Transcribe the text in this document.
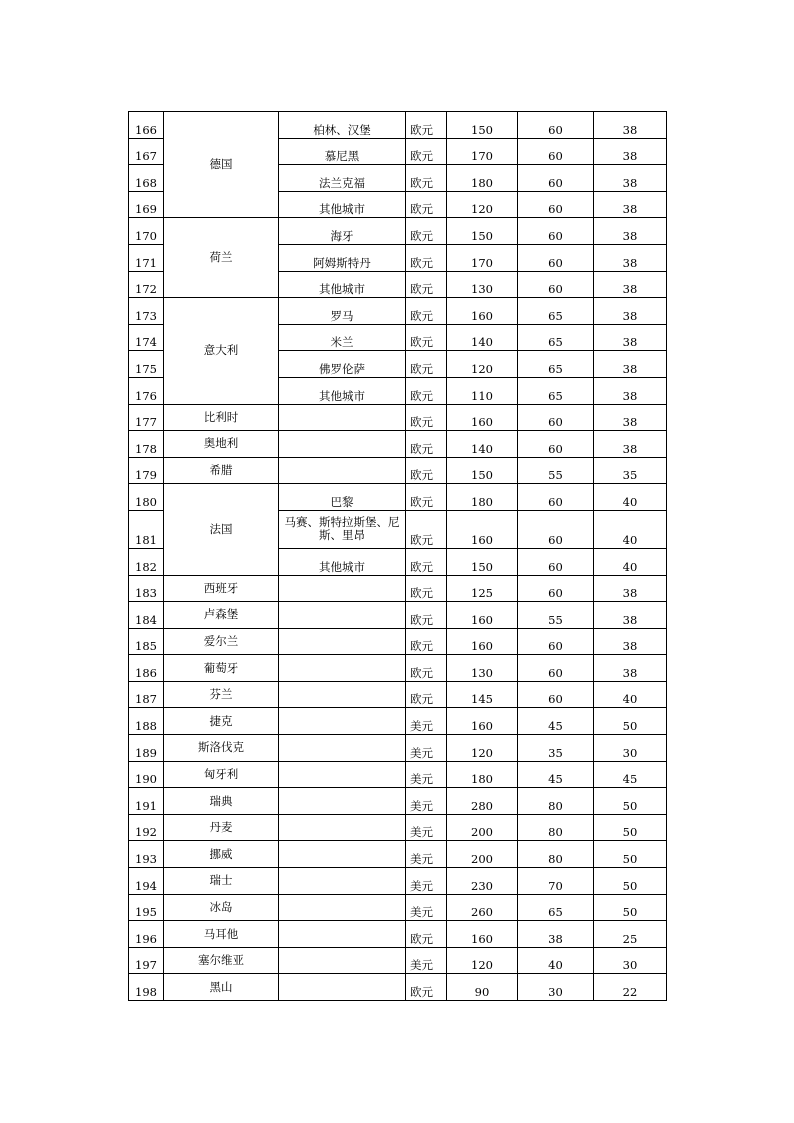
166	德国	柏林、汉堡	欧元	150	60	38
167		慕尼黑	欧元	170	60	38
168		法兰克福	欧元	180	60	38
169		其他城市	欧元	120	60	38
170	荷兰	海牙	欧元	150	60	38
171		阿姆斯特丹	欧元	170	60	38
172		其他城市	欧元	130	60	38
173	意大利	罗马	欧元	160	65	38
174		米兰	欧元	140	65	38
175		佛罗伦萨	欧元	120	65	38
176		其他城市	欧元	110	65	38
177	比利时		欧元	160	60	38
178	奥地利		欧元	140	60	38
179	希腊		欧元	150	55	35
180	法国	巴黎	欧元	180	60	40
181		马赛、斯特拉斯堡、尼斯、里昂	欧元	160	60	40
182		其他城市	欧元	150	60	40
183	西班牙		欧元	125	60	38
184	卢森堡		欧元	160	55	38
185	爱尔兰		欧元	160	60	38
186	葡萄牙		欧元	130	60	38
187	芬兰		欧元	145	60	40
188	捷克		美元	160	45	50
189	斯洛伐克		美元	120	35	30
190	匈牙利		美元	180	45	45
191	瑞典		美元	280	80	50
192	丹麦		美元	200	80	50
193	挪威		美元	200	80	50
194	瑞士		美元	230	70	50
195	冰岛		美元	260	65	50
196	马耳他		欧元	160	38	25
197	塞尔维亚		美元	120	40	30
198	黑山		欧元	90	30	22
